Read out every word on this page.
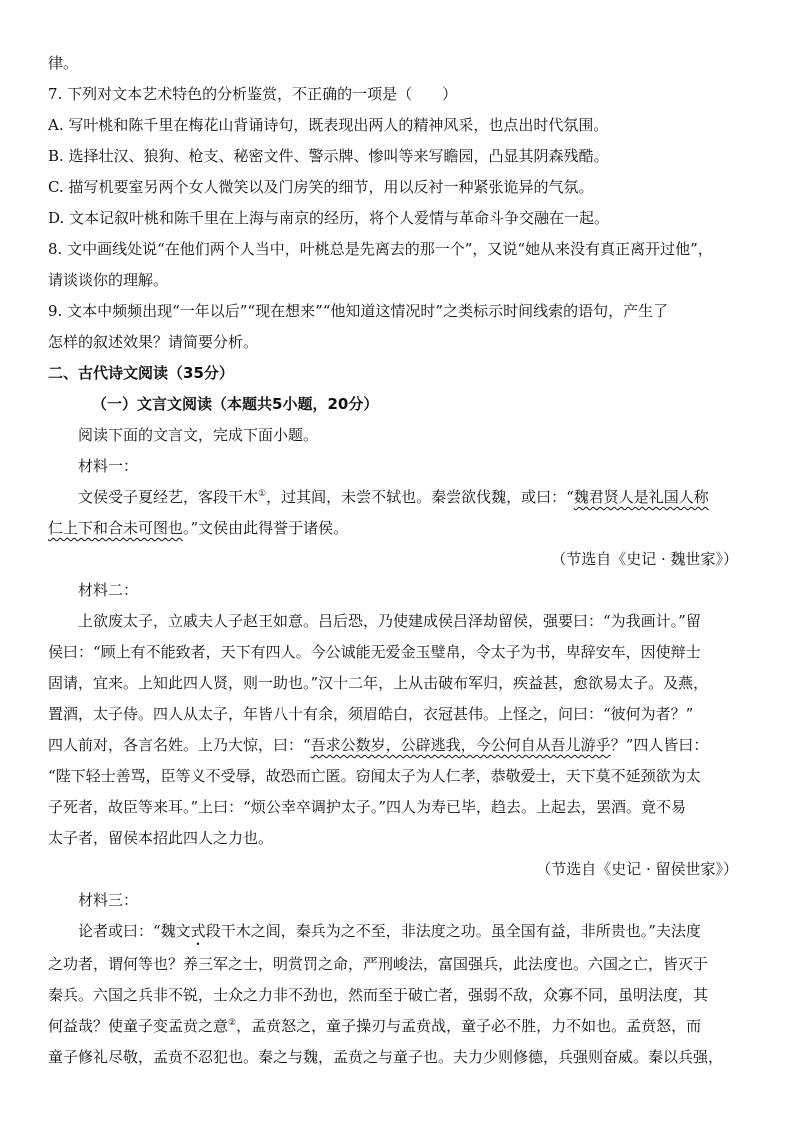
律。

7. 下列对文本艺术特色的分析鉴赏，不正确的一项是（　　）

A. 写叶桃和陈千里在梅花山背诵诗句，既表现出两人的精神风采，也点出时代氛围。

B. 选择壮汉、狼狗、枪支、秘密文件、警示牌、惨叫等来写瞻园，凸显其阴森残酷。

C. 描写机要室另两个女人微笑以及门房笑的细节，用以反衬一种紧张诡异的气氛。

D. 文本记叙叶桃和陈千里在上海与南京的经历，将个人爱情与革命斗争交融在一起。

8. 文中画线处说“在他们两个人当中，叶桃总是先离去的那一个”，又说“她从来没有真正离开过他”，

请谈谈你的理解。

9. 文本中频频出现“一年以后”“现在想来”“他知道这情况时”之类标示时间线索的语句，产生了

怎样的叙述效果？请简要分析。

二、古代诗文阅读（35分）

（一）文言文阅读（本题共5小题，20分）

阅读下面的文言文，完成下面小题。

材料一：

文侯受子夏经艺，客段干木①，过其闾，未尝不轼也。秦尝欲伐魏，或曰：“魏君贤人是礼国人称

仁上下和合未可图也。”文侯由此得誉于诸侯。

（节选自《史记 · 魏世家》）

材料二：

上欲废太子，立戚夫人子赵王如意。吕后恐，乃使建成侯吕泽劫留侯，强要曰：“为我画计。”留

侯曰：“顾上有不能致者，天下有四人。今公诚能无爱金玉璧帛，令太子为书，卑辞安车，因使辩士

固请，宜来。上知此四人贤，则一助也。”汉十二年，上从击破布军归，疾益甚，愈欲易太子。及燕，

置酒，太子侍。四人从太子，年皆八十有余，须眉皓白，衣冠甚伟。上怪之，问曰：“彼何为者？”

四人前对，各言名姓。上乃大惊，曰：“吾求公数岁，公辟逃我，今公何自从吾儿游乎？”四人皆曰：

“陛下轻士善骂，臣等义不受辱，故恐而亡匿。窃闻太子为人仁孝，恭敬爱士，天下莫不延颈欲为太

子死者，故臣等来耳。”上曰：“烦公幸卒调护太子。”四人为寿已毕，趋去。上起去，罢酒。竟不易

太子者，留侯本招此四人之力也。

（节选自《史记 · 留侯世家》）

材料三：

论者或曰：“魏文式段干木之闾，秦兵为之不至，非法度之功。虽全国有益，非所贵也。”夫法度

之功者，谓何等也？养三军之士，明赏罚之命，严刑峻法，富国强兵，此法度也。六国之亡，皆灭于

秦兵。六国之兵非不锐，士众之力非不劲也，然而至于破亡者，强弱不敌，众寡不同，虽明法度，其

何益哉？使童子变孟贲之意②，孟贲怒之，童子操刃与孟贲战，童子必不胜，力不如也。孟贲怒，而

童子修礼尽敬，孟贲不忍犯也。秦之与魏，孟贲之与童子也。夫力少则修德，兵强则奋威。秦以兵强，
